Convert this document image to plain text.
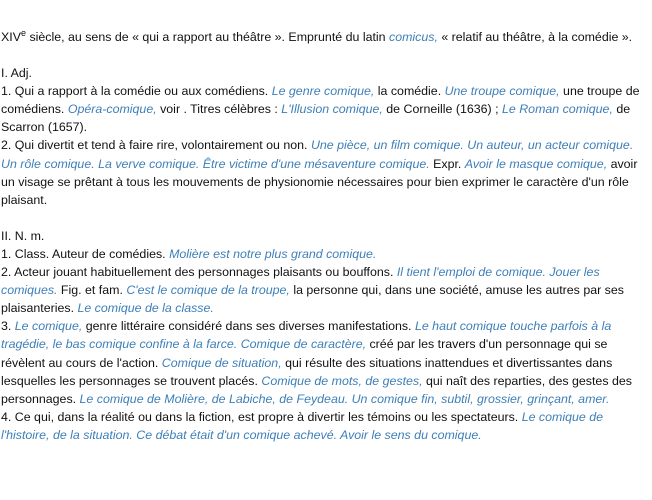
XIVe siècle, au sens de « qui a rapport au théâtre ». Emprunté du latin comicus, « relatif au théâtre, à la comédie ».

I. Adj.

1. Qui a rapport à la comédie ou aux comédiens. Le genre comique, la comédie. Une troupe comique, une troupe de comédiens. Opéra-comique, voir . Titres célèbres : L'Illusion comique, de Corneille (1636) ; Le Roman comique, de Scarron (1657).

2. Qui divertit et tend à faire rire, volontairement ou non. Une pièce, un film comique. Un auteur, un acteur comique. Un rôle comique. La verve comique. Être victime d'une mésaventure comique. Expr. Avoir le masque comique, avoir un visage se prêtant à tous les mouvements de physionomie nécessaires pour bien exprimer le caractère d'un rôle plaisant.

II. N. m.

1. Class. Auteur de comédies. Molière est notre plus grand comique.

2. Acteur jouant habituellement des personnages plaisants ou bouffons. Il tient l'emploi de comique. Jouer les comiques. Fig. et fam. C'est le comique de la troupe, la personne qui, dans une société, amuse les autres par ses plaisanteries. Le comique de la classe.

3. Le comique, genre littéraire considéré dans ses diverses manifestations. Le haut comique touche parfois à la tragédie, le bas comique confine à la farce. Comique de caractère, créé par les travers d'un personnage qui se révèlent au cours de l'action. Comique de situation, qui résulte des situations inattendues et divertissantes dans lesquelles les personnages se trouvent placés. Comique de mots, de gestes, qui naît des reparties, des gestes des personnages. Le comique de Molière, de Labiche, de Feydeau. Un comique fin, subtil, grossier, grinçant, amer.

4. Ce qui, dans la réalité ou dans la fiction, est propre à divertir les témoins ou les spectateurs. Le comique de l'histoire, de la situation. Ce débat était d'un comique achevé. Avoir le sens du comique.
